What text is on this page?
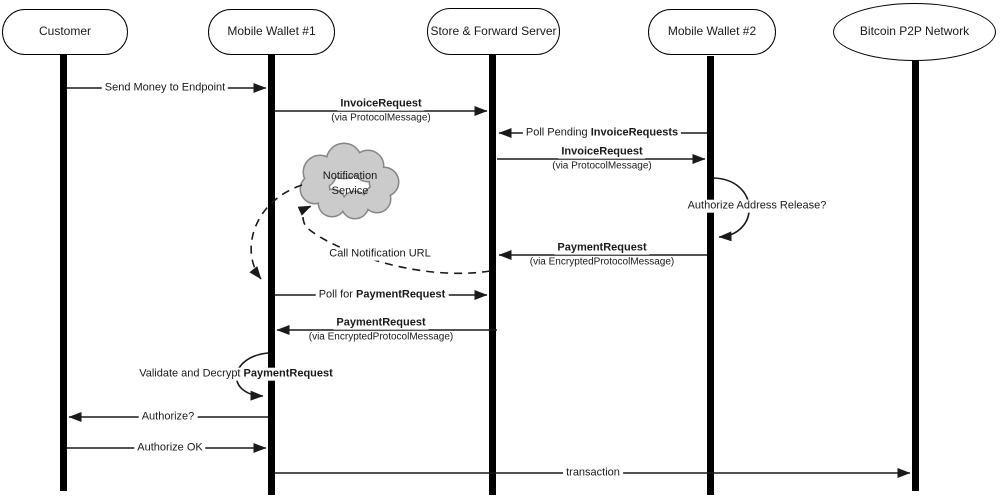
Customer	Mobile Wallet #1	Store & Forward Server	Mobile Wallet #2	Bitcoin P2P Network
Notification
Service
Send Money to Endpoint
InvoiceRequest
(via ProtocolMessage)
Poll Pending InvoiceRequests
InvoiceRequest
(via ProtocolMessage)
Authorize Address Release?
PaymentRequest
(via EncryptedProtocolMessage)
Call Notification URL
Poll for PaymentRequest
PaymentRequest
(via EncryptedProtocolMessage)
Validate and Decrypt PaymentRequest
Authorize?
Authorize OK
transaction
